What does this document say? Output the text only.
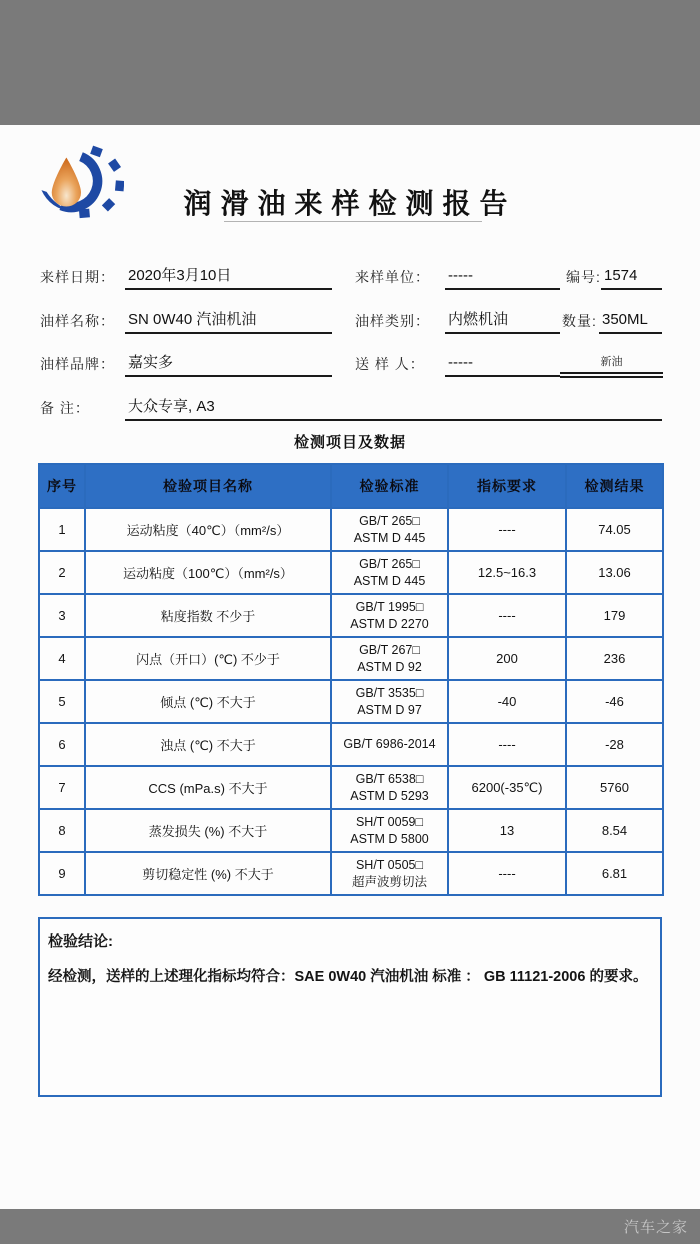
润滑油来样检测报告
来样日期： 2020年3月10日	来样单位： -----	编号: 1574
油样名称： SN 0W40 汽油机油	油样类别： 内燃机油	数量: 350ML
油样品牌： 嘉实多	送 样 人： -----	新油
备 注：	大众专享, A3
检测项目及数据
序号	检验项目名称	检验标准	指标要求	检测结果
1	运动粘度（40℃）（mm²/s）	GB/T 265□
ASTM D 445	----	74.05
2	运动粘度（100℃）（mm²/s）	GB/T 265□
ASTM D 445	12.5~16.3	13.06
3	粘度指数 不少于	GB/T 1995□
ASTM D 2270	----	179
4	闪点（开口）(℃) 不少于	GB/T 267□
ASTM D 92	200	236
5	倾点 (℃) 不大于	GB/T 3535□
ASTM D 97	-40	-46
6	浊点 (℃) 不大于	GB/T 6986-2014	----	-28
7	CCS (mPa.s) 不大于	GB/T 6538□
ASTM D 5293	6200(-35℃)	5760
8	蒸发损失 (%) 不大于	SH/T 0059□
ASTM D 5800	13	8.54
9	剪切稳定性 (%) 不大于	SH/T 0505□
超声波剪切法	----	6.81
检验结论:
经检测，送样的上述理化指标均符合：SAE 0W40 汽油机油 标准 ： GB 11121-2006 的要求。
汽车之家
